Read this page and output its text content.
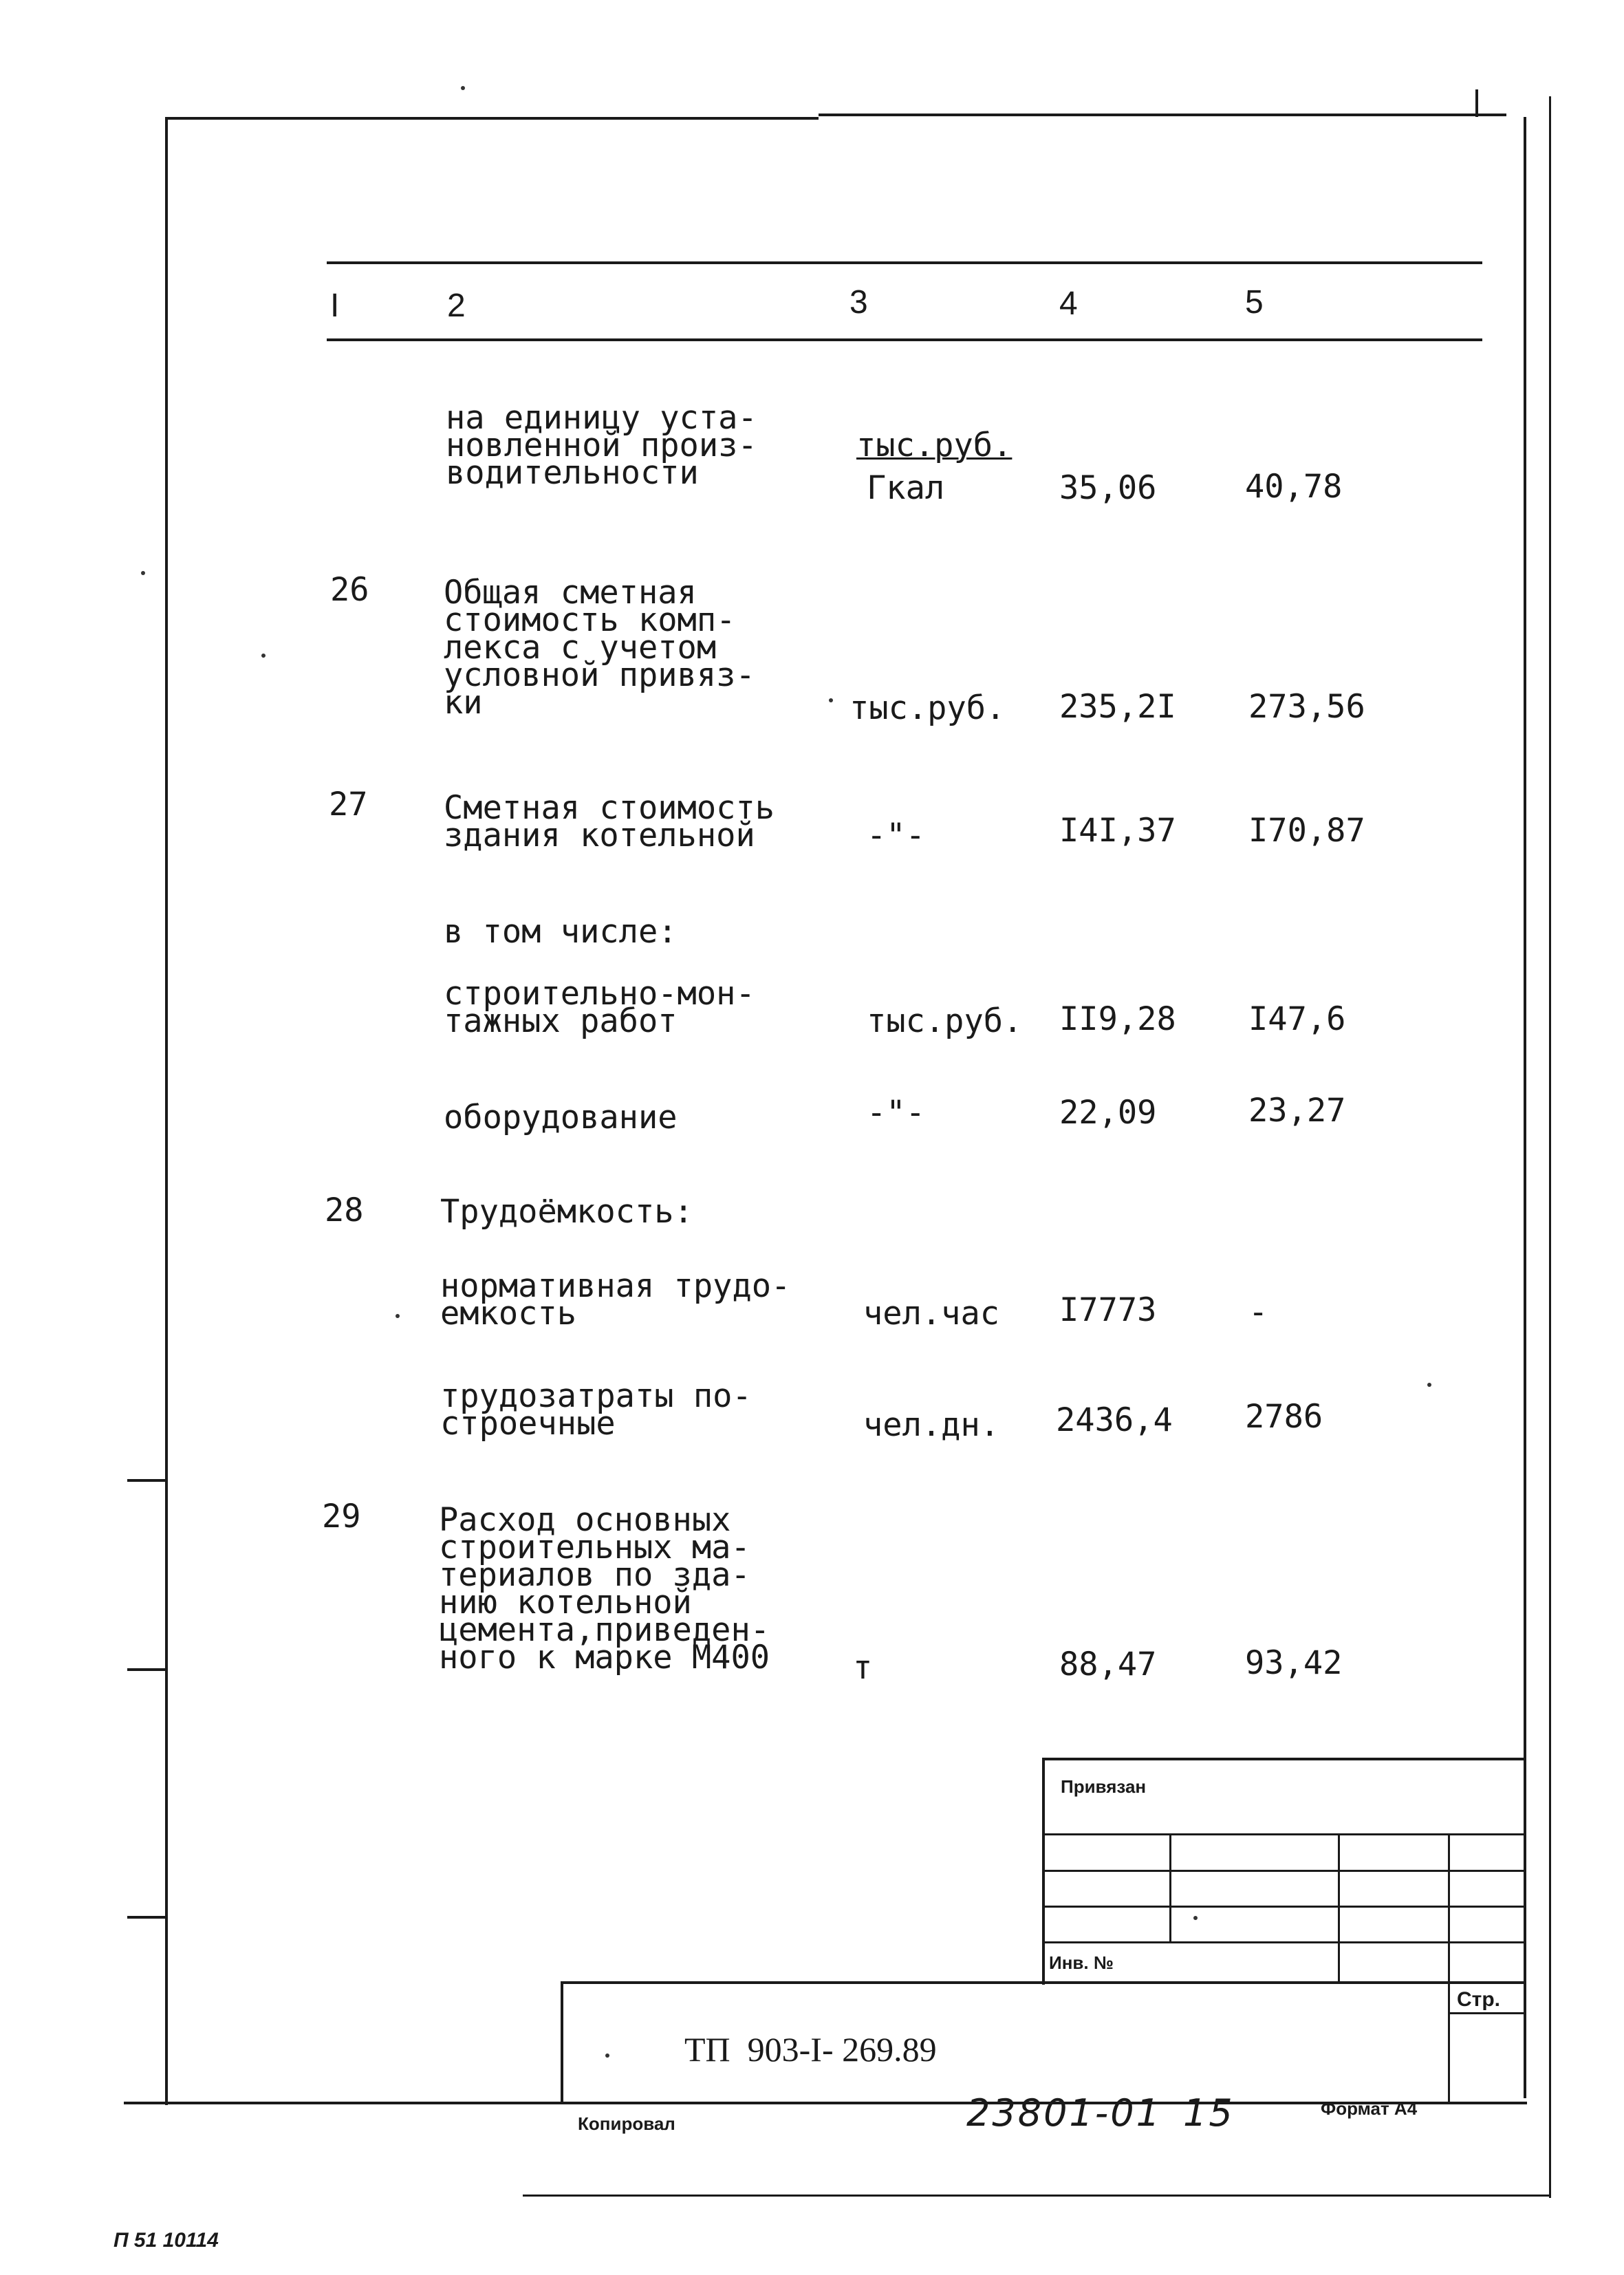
I	2	3	4	5
на единицу уста-
новленной произ-
водительности
тыс.руб.
Гкал	35,06	40,78
26 Общая сметная
стоимость комп-
лекса с учетом
условной привяз-
ки	тыс.руб. 235,2I 273,56
27 Сметная стоимость
здания котельной	-"-	I4I,37 I70,87
в том числе:
строительно-мон-
тажных работ	тыс.руб. II9,28 I47,6
оборудование	-"-	22,09	23,27
28 Трудоёмкость:
нормативная трудо-
емкость	чел.час I7773	-
трудозатраты по-
строечные	чел.дн. 2436,4 2786
29 Расход основных
строительных ма-
териалов по зда-
нию котельной
цемента,приведен-
ного к марке М400	т	88,47	93,42
Привязан
Инв. №
Стр.
ТП  903-I- 269.89
Копировал	23801-01 15	Формат А4
П 51 10114
